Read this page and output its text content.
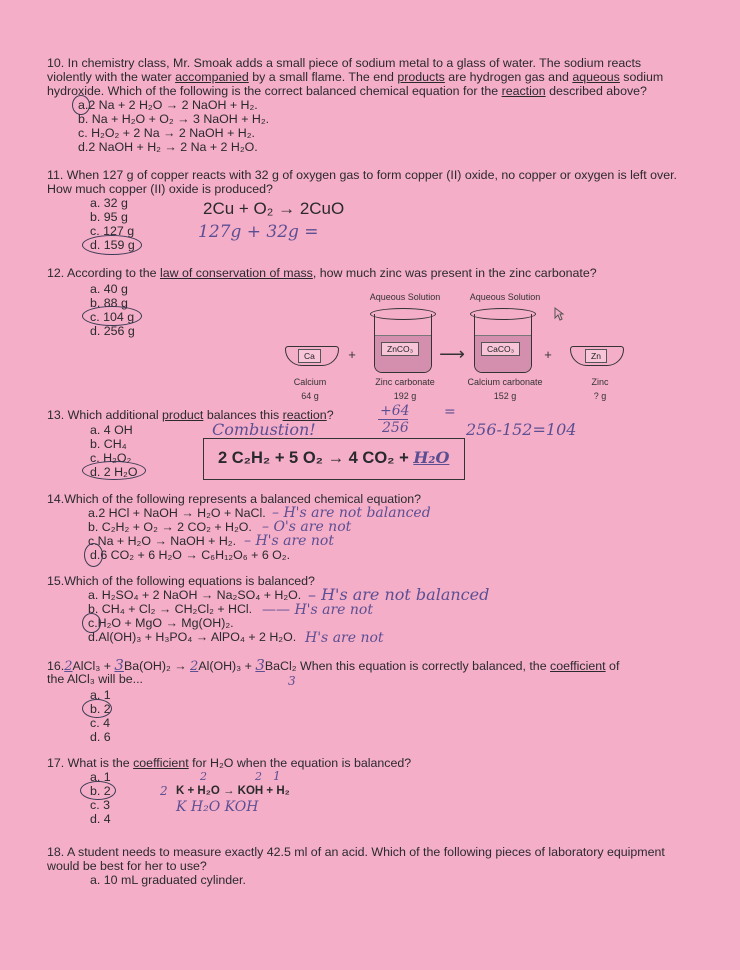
10. In chemistry class, Mr. Smoak adds a small piece of sodium metal to a glass of water. The sodium reacts
violently with the water accompanied by a small flame. The end products are hydrogen gas and aqueous sodium
hydroxide. Which of the following is the correct balanced chemical equation for the reaction described above?
a.2 Na + 2 H₂O → 2 NaOH + H₂.
b. Na + H₂O + O₂ → 3 NaOH + H₂.
c. H₂O₂ + 2 Na → 2 NaOH + H₂.
d.2 NaOH + H₂ → 2 Na + 2 H₂O.
11. When 127 g of copper reacts with 32 g of oxygen gas to form copper (II) oxide, no copper or oxygen is left over.
How much copper (II) oxide is produced?
a. 32 g
b. 95 g
c. 127 g
d. 159 g
2Cu + O₂ → 2CuO
127g + 32g =
12. According to the law of conservation of mass, how much zinc was present in the zinc carbonate?
a. 40 g
b. 88 g
c. 104 g
d. 256 g
Aqueous Solution	Aqueous Solution
Ca	+	ZnCO₃	⟶	CaCO₃	+	Zn
Calcium	Zinc carbonate	Calcium carbonate	Zinc
64 g	192 g	152 g	? g
+64
256
=
256-152=104
13. Which additional product balances this reaction?
Combustion!
a. 4 OH
b. CH₄
c. H₂O₂
d. 2 H₂O
2 C₂H₂ + 5 O₂ → 4 CO₂ + H₂O
14.Which of the following represents a balanced chemical equation?
a.2 HCl + NaOH → H₂O + NaCl. – H's are not balanced
b. C₂H₂ + O₂ → 2 CO₂ + H₂O. – O's are not
c.Na + H₂O → NaOH + H₂. – H's are not
d.6 CO₂ + 6 H₂O → C₆H₁₂O₆ + 6 O₂.
15.Which of the following equations is balanced?
a. H₂SO₄ + 2 NaOH → Na₂SO₄ + H₂O. – H's are not balanced
b. CH₄ + Cl₂ → CH₂Cl₂ + HCl. —— H's are not
c.H₂O + MgO → Mg(OH)₂.
d.Al(OH)₃ + H₃PO₄ → AlPO₄ + 2 H₂O. H's are not
16.2AlCl₃ + 3Ba(OH)₂ → 2Al(OH)₃ + 3BaCl₂ When this equation is correctly balanced, the coefficient of
the AlCl₃ will be...	3
a. 1
b. 2
c. 4
d. 6
17. What is the coefficient for H₂O when the equation is balanced?
a. 1
b. 2
c. 3
d. 4
K + H₂O → KOH + H₂
2
2	2 1
K H₂O KOH
18. A student needs to measure exactly 42.5 ml of an acid. Which of the following pieces of laboratory equipment
would be best for her to use?
a. 10 mL graduated cylinder.
